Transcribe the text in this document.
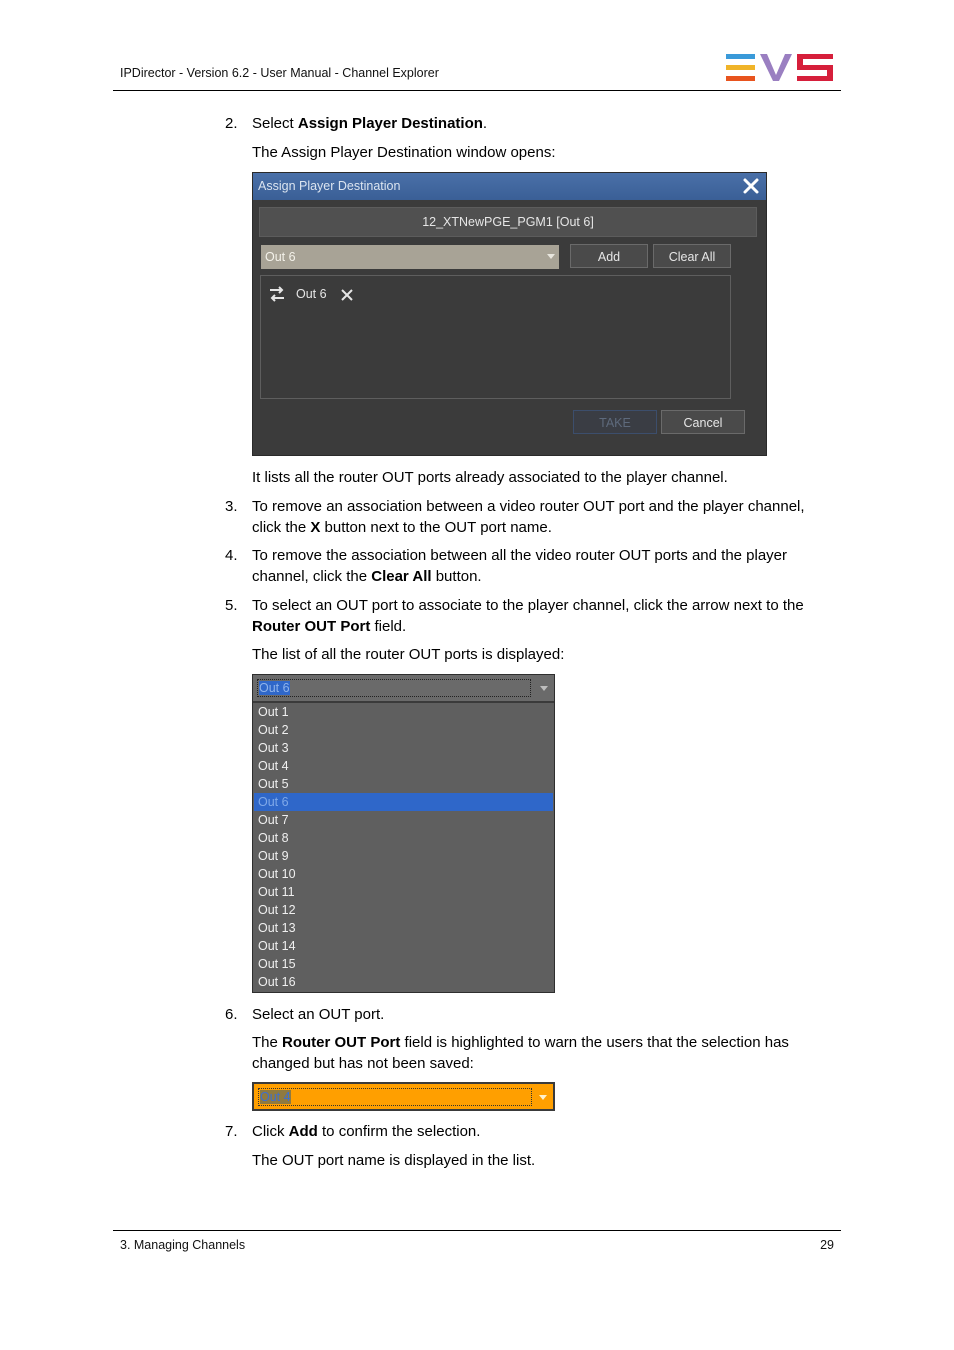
IPDirector - Version 6.2 - User Manual - Channel Explorer
2. Select Assign Player Destination.
The Assign Player Destination window opens:
Assign Player Destination
12_XTNewPGE_PGM1 [Out 6]
Out 6	Add	Clear All
Out 6
TAKE	Cancel
It lists all the router OUT ports already associated to the player channel.
3. To remove an association between a video router OUT port and the player channel, click the X button next to the OUT port name.
4. To remove the association between all the video router OUT ports and the player channel, click the Clear All button.
5. To select an OUT port to associate to the player channel, click the arrow next to the Router OUT Port field.
The list of all the router OUT ports is displayed:
Out 6
Out 1
Out 2
Out 3
Out 4
Out 5
Out 6
Out 7
Out 8
Out 9
Out 10
Out 11
Out 12
Out 13
Out 14
Out 15
Out 16
6. Select an OUT port.
The Router OUT Port field is highlighted to warn the users that the selection has changed but has not been saved:
Out 4
7. Click Add to confirm the selection.
The OUT port name is displayed in the list.
3. Managing Channels	29
